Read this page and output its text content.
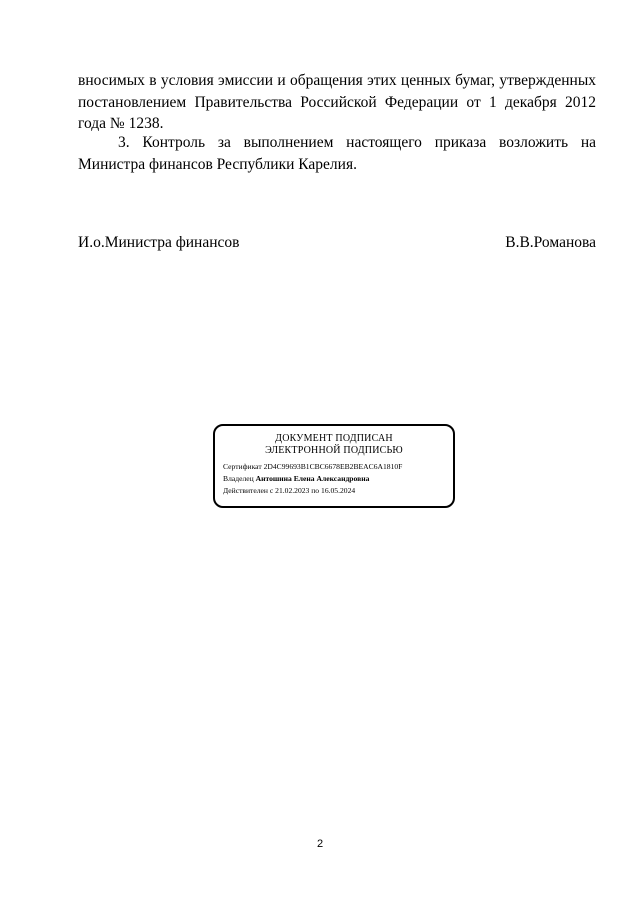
вносимых в условия эмиссии и обращения этих ценных бумаг, утвержденных постановлением Правительства Российской Федерации от 1 декабря 2012 года № 1238.
3. Контроль за выполнением настоящего приказа возложить на Министра финансов Республики Карелия.
И.о.Министра финансов	В.В.Романова
ДОКУМЕНТ ПОДПИСАН
ЭЛЕКТРОННОЙ ПОДПИСЬЮ
Сертификат 2D4C99693B1CBC6678EB2BEAC6A1810F
Владелец Антошина Елена Александровна
Действителен с 21.02.2023 по 16.05.2024
2
